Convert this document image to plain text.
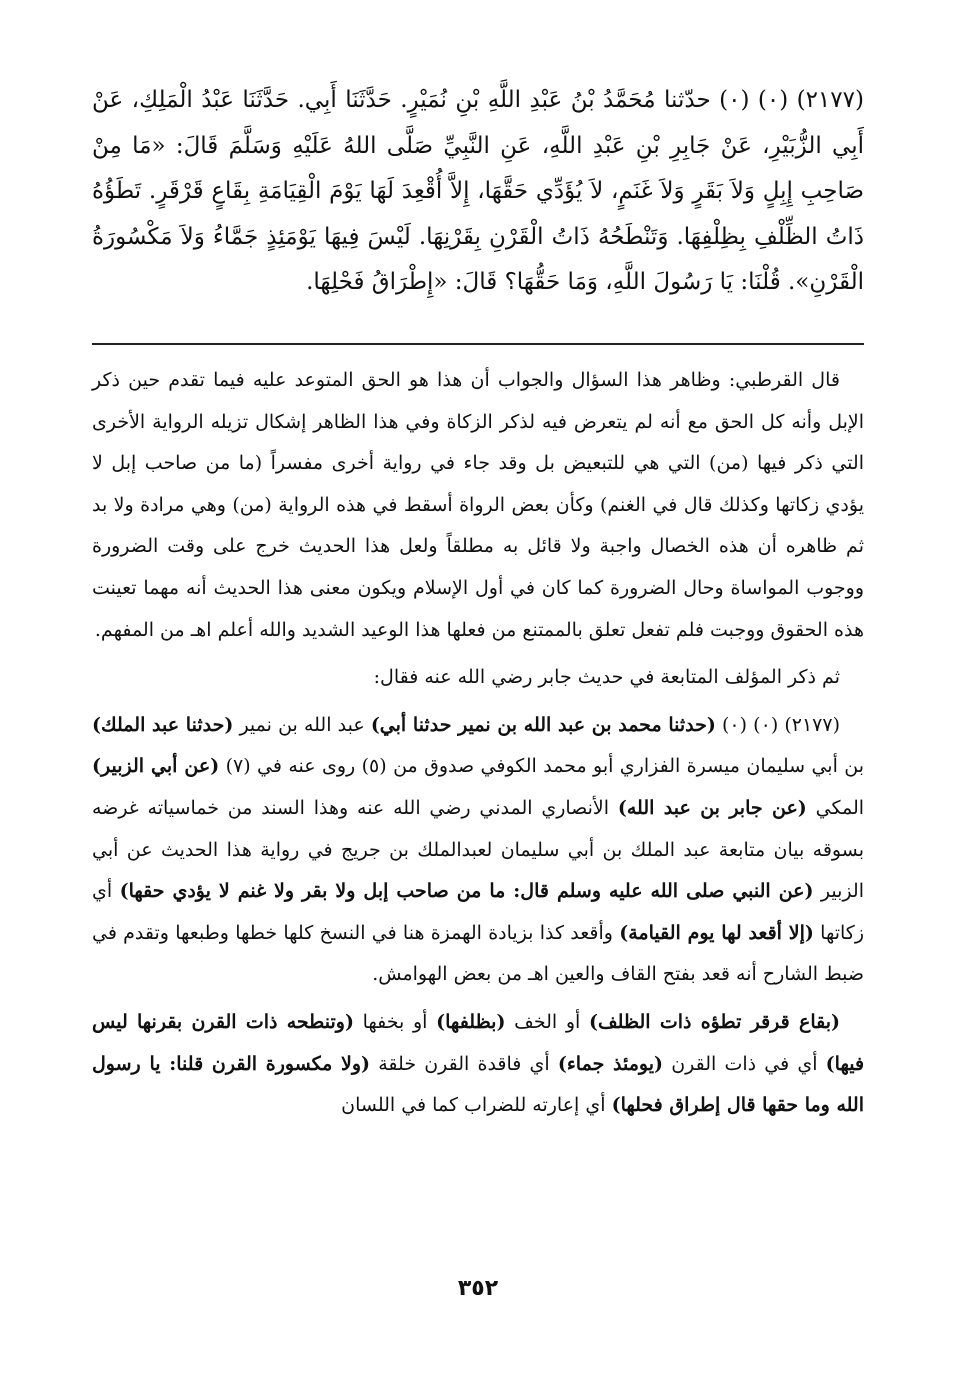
(٢١٧٧) (٠) (٠) حدّثنا مُحَمَّدُ بْنُ عَبْدِ اللَّهِ بْنِ نُمَيْرٍ. حَدَّثَنَا أَبِي. حَدَّثَنَا عَبْدُ الْمَلِكِ، عَنْ أَبِي الزُّبَيْرِ، عَنْ جَابِرِ بْنِ عَبْدِ اللَّهِ، عَنِ النَّبِيِّ صَلَّى اللهُ عَلَيْهِ وَسَلَّمَ قَالَ: «مَا مِنْ صَاحِبِ إِبِلٍ وَلاَ بَقَرٍ وَلاَ غَنَمٍ، لاَ يُؤَدِّي حَقَّهَا، إِلاَّ أُقْعِدَ لَهَا يَوْمَ الْقِيَامَةِ بِقَاعٍ قَرْقَرٍ. تَطَؤُهُ ذَاتُ الظِّلْفِ بِظِلْفِهَا. وَتَنْطَحُهُ ذَاتُ الْقَرْنِ بِقَرْنِهَا. لَيْسَ فِيهَا يَوْمَئِذٍ جَمَّاءُ وَلاَ مَكْسُورَةُ الْقَرْنِ». قُلْنَا: يَا رَسُولَ اللَّهِ، وَمَا حَقُّهَا؟ قَالَ: «إِطْرَاقُ فَحْلِهَا.

قال القرطبي: وظاهر هذا السؤال والجواب أن هذا هو الحق المتوعد عليه فيما تقدم حين ذكر الإبل وأنه كل الحق مع أنه لم يتعرض فيه لذكر الزكاة وفي هذا الظاهر إشكال تزيله الرواية الأخرى التي ذكر فيها (من) التي هي للتبعيض بل وقد جاء في رواية أخرى مفسراً (ما من صاحب إبل لا يؤدي زكاتها وكذلك قال في الغنم) وكأن بعض الرواة أسقط في هذه الرواية (من) وهي مرادة ولا بد ثم ظاهره أن هذه الخصال واجبة ولا قائل به مطلقاً ولعل هذا الحديث خرج على وقت الضرورة ووجوب المواساة وحال الضرورة كما كان في أول الإسلام ويكون معنى هذا الحديث أنه مهما تعينت هذه الحقوق ووجبت فلم تفعل تعلق بالممتنع من فعلها هذا الوعيد الشديد والله أعلم اهـ من المفهم.

ثم ذكر المؤلف المتابعة في حديث جابر رضي الله عنه فقال:

(٢١٧٧) (٠) (٠) (حدثنا محمد بن عبد الله بن نمير حدثنا أبي) عبد الله بن نمير (حدثنا عبد الملك) بن أبي سليمان ميسرة الفزاري أبو محمد الكوفي صدوق من (٥) روى عنه في (٧) (عن أبي الزبير) المكي (عن جابر بن عبد الله) الأنصاري المدني رضي الله عنه وهذا السند من خماسياته غرضه بسوقه بيان متابعة عبد الملك بن أبي سليمان لعبدالملك بن جريج في رواية هذا الحديث عن أبي الزبير (عن النبي صلى الله عليه وسلم قال: ما من صاحب إبل ولا بقر ولا غنم لا يؤدي حقها) أي زكاتها (إلا أقعد لها يوم القيامة) وأقعد كذا بزيادة الهمزة هنا في النسخ كلها خطها وطبعها وتقدم في ضبط الشارح أنه قعد بفتح القاف والعين اهـ من بعض الهوامش.

(بقاع قرقر تطؤه ذات الظلف) أو الخف (بظلفها) أو بخفها (وتنطحه ذات القرن بقرنها ليس فيها) أي في ذات القرن (يومئذ جماء) أي فاقدة القرن خلقة (ولا مكسورة القرن قلنا: يا رسول الله وما حقها قال إطراق فحلها) أي إعارته للضراب كما في اللسان

٣٥٢
